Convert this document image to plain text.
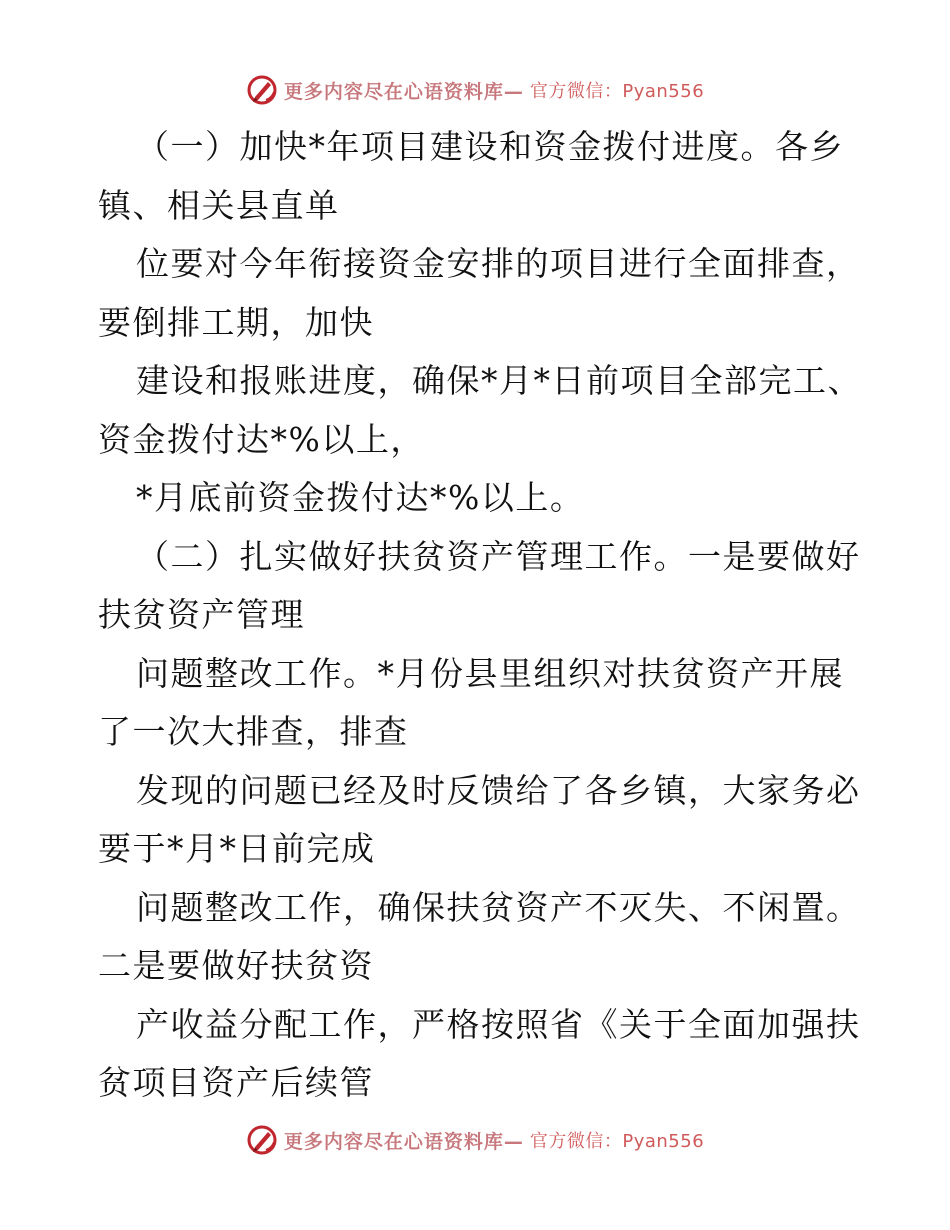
更多内容尽在心语资料库— 官方微信：Pyan556
（一）加快*年项目建设和资金拨付进度。各乡
镇、相关县直单
位要对今年衔接资金安排的项目进行全面排查，
要倒排工期，加快
建设和报账进度，确保*月*日前项目全部完工、
资金拨付达*%以上，
*月底前资金拨付达*%以上。
（二）扎实做好扶贫资产管理工作。一是要做好
扶贫资产管理
问题整改工作。*月份县里组织对扶贫资产开展
了一次大排查，排查
发现的问题已经及时反馈给了各乡镇，大家务必
要于*月*日前完成
问题整改工作，确保扶贫资产不灭失、不闲置。
二是要做好扶贫资
产收益分配工作，严格按照省《关于全面加强扶
贫项目资产后续管
更多内容尽在心语资料库— 官方微信：Pyan556
